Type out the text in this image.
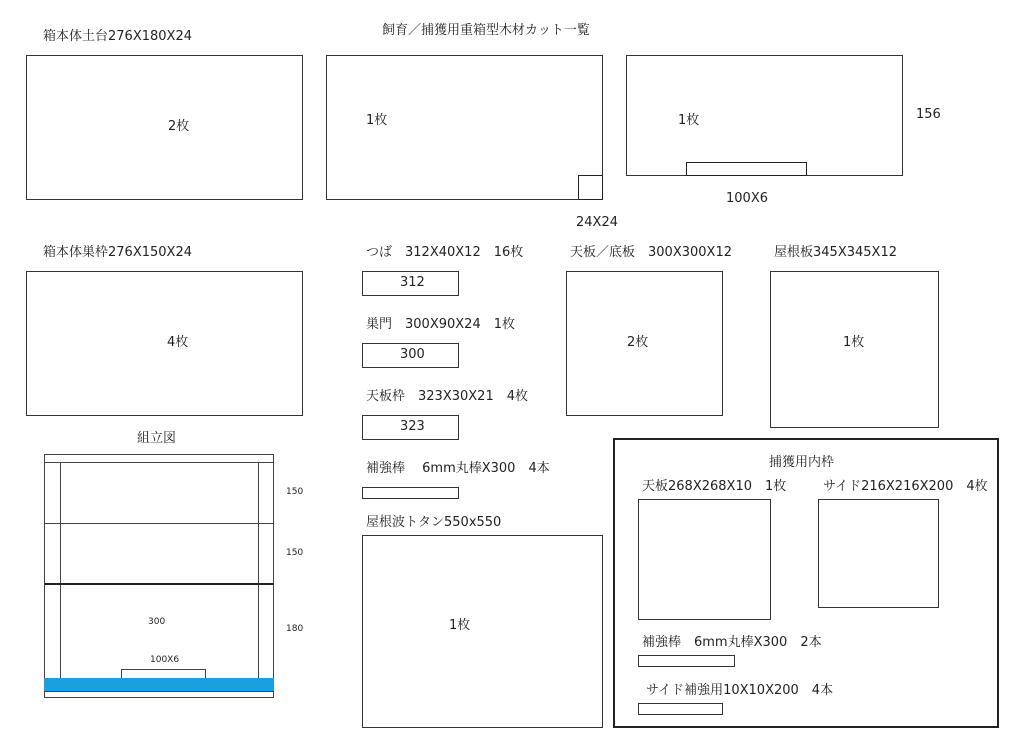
飼育／捕獲用重箱型木材カット一覧
箱本体土台276X180X24
2枚	1枚
24X24
1枚	156
100X6
箱本体巣枠276X150X24
4枚
つば　312X40X12　16枚
312
巣門　300X90X24　1枚
300
天板枠　323X30X21　4枚
323
補強棒　 6mm丸棒X300　4本
天板／底板　300X300X12
2枚
屋根板345X345X12
1枚
屋根波トタン550x550
1枚
組立図
300
100X6
150
150
180
捕獲用内枠
天板268X268X10　1枚	サイド216X216X200　4枚
補強棒　6mm丸棒X300　2本
サイド補強用10X10X200　4本
